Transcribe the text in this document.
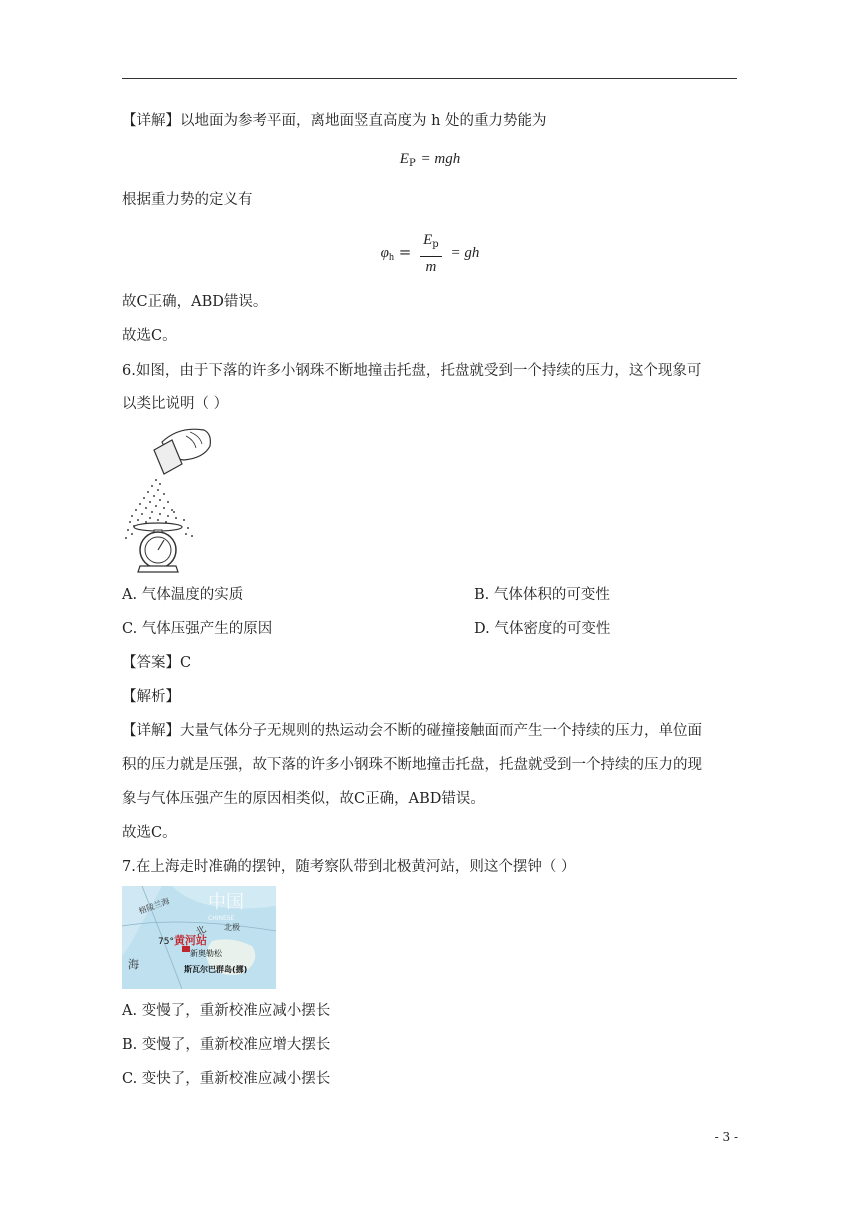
【详解】以地面为参考平面，离地面竖直高度为 h 处的重力势能为
$E_P$ = mgh
根据重力势的定义有
$\varphi_h = \frac{E_p}{m}$ = gh
故C正确，ABD错误。
故选C。
6.如图，由于下落的许多小钢珠不断地撞击托盘，托盘就受到一个持续的压力，这个现象可
以类比说明（ ）
A. 气体温度的实质	B. 气体体积的可变性
C. 气体压强产生的原因	D. 气体密度的可变性
【答案】C
【解析】
【详解】大量气体分子无规则的热运动会不断的碰撞接触面而产生一个持续的压力，单位面
积的压力就是压强，故下落的许多小钢珠不断地撞击托盘，托盘就受到一个持续的压力的现
象与气体压强产生的原因相类似，故C正确，ABD错误。
故选C。
7.在上海走时准确的摆钟，随考察队带到北极黄河站，则这个摆钟（ ）
75° 黄河站
新奥勒松
斯瓦尔巴群岛(挪)
北极
中国
CHINESE
北
海
格陵兰海
A. 变慢了，重新校准应减小摆长
B. 变慢了，重新校准应增大摆长
C. 变快了，重新校准应减小摆长
- 3 -
